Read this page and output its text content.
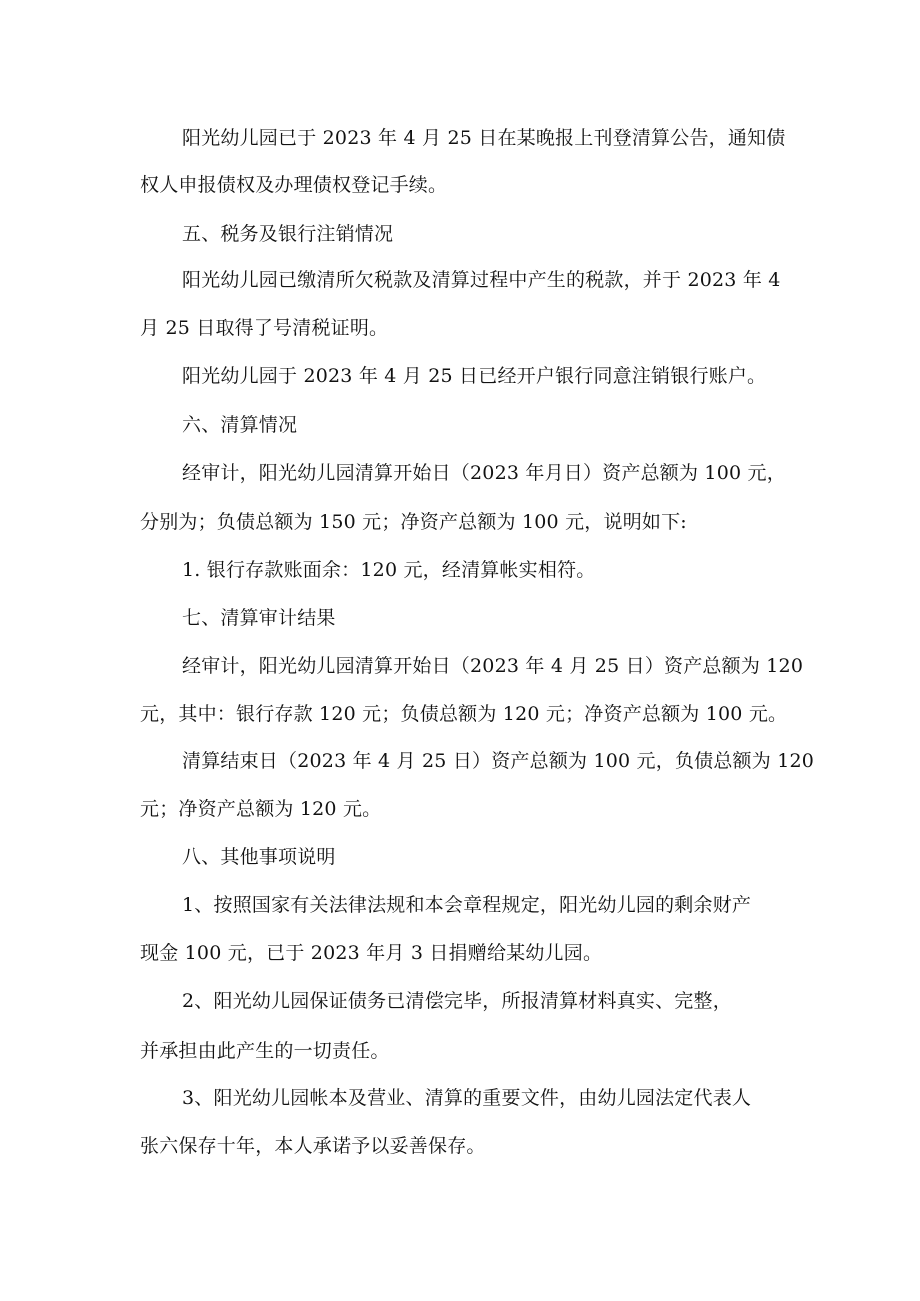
阳光幼儿园已于 2023 年 4 月 25 日在某晚报上刊登清算公告，通知债
权人申报债权及办理债权登记手续。
五、税务及银行注销情况
阳光幼儿园已缴清所欠税款及清算过程中产生的税款，并于 2023 年 4
月 25 日取得了号清税证明。
阳光幼儿园于 2023 年 4 月 25 日已经开户银行同意注销银行账户。
六、清算情况
经审计，阳光幼儿园清算开始日（2023 年月日）资产总额为 100 元，
分别为；负债总额为 150 元；净资产总额为 100 元，说明如下:
1. 银行存款账面余：120 元，经清算帐实相符。
七、清算审计结果
经审计，阳光幼儿园清算开始日（2023 年 4 月 25 日）资产总额为 120
元，其中：银行存款 120 元；负债总额为 120 元；净资产总额为 100 元。
清算结束日（2023 年 4 月 25 日）资产总额为 100 元，负债总额为 120
元；净资产总额为 120 元。
八、其他事项说明
1、按照国家有关法律法规和本会章程规定，阳光幼儿园的剩余财产
现金 100 元，已于 2023 年月 3 日捐赠给某幼儿园。
2、阳光幼儿园保证债务已清偿完毕，所报清算材料真实、完整，
并承担由此产生的一切责任。
3、阳光幼儿园帐本及营业、清算的重要文件，由幼儿园法定代表人
张六保存十年，本人承诺予以妥善保存。
